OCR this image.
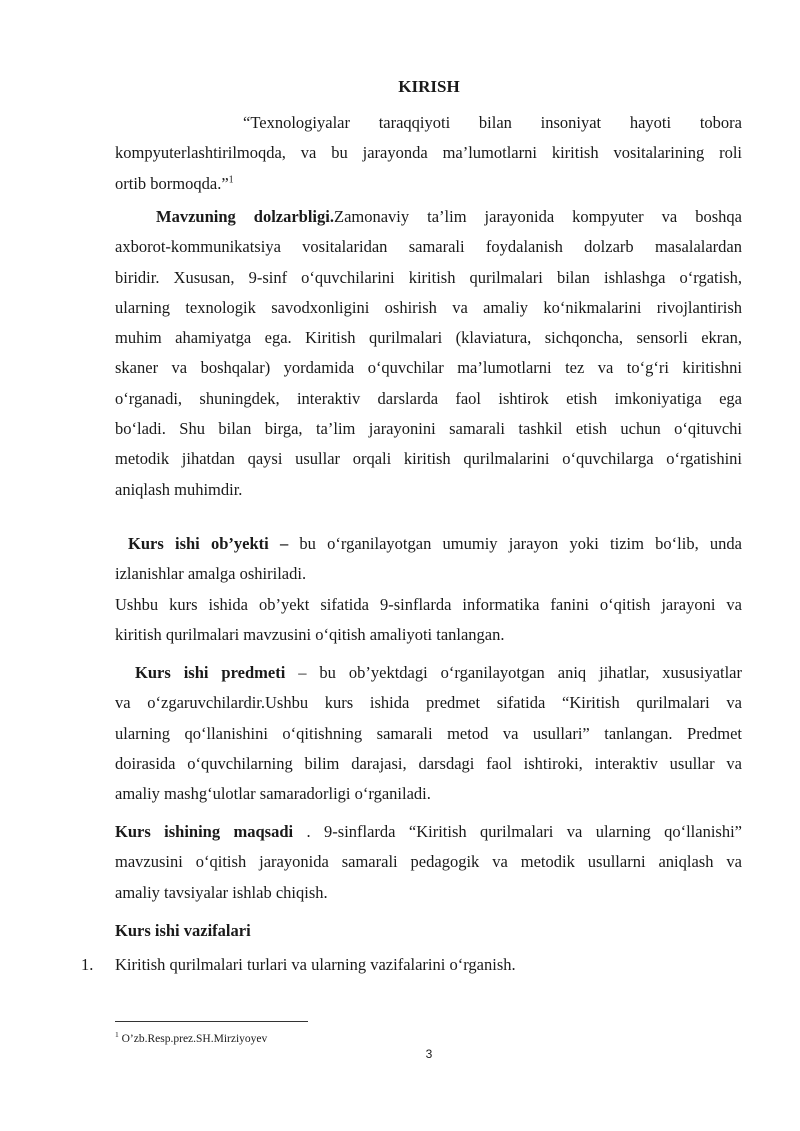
KIRISH
“Texnologiyalar taraqqiyoti bilan insoniyat hayoti tobora
kompyuterlashtirilmoqda, va bu jarayonda ma’lumotlarni kiritish vositalarining roli
ortib bormoqda.”$^1$
Mavzuning dolzarbligi.Zamonaviy ta’lim jarayonida kompyuter va boshqa
axborot-kommunikatsiya vositalaridan samarali foydalanish dolzarb masalalardan
biridir. Xususan, 9-sinf o‘quvchilarini kiritish qurilmalari bilan ishlashga o‘rgatish,
ularning texnologik savodxonligini oshirish va amaliy ko‘nikmalarini rivojlantirish
muhim ahamiyatga ega. Kiritish qurilmalari (klaviatura, sichqoncha, sensorli ekran,
skaner va boshqalar) yordamida o‘quvchilar ma’lumotlarni tez va to‘g‘ri kiritishni
o‘rganadi, shuningdek, interaktiv darslarda faol ishtirok etish imkoniyatiga ega
bo‘ladi. Shu bilan birga, ta’lim jarayonini samarali tashkil etish uchun o‘qituvchi
metodik jihatdan qaysi usullar orqali kiritish qurilmalarini o‘quvchilarga o‘rgatishini
aniqlash muhimdir.
Kurs ishi ob’yekti – bu o‘rganilayotgan umumiy jarayon yoki tizim bo‘lib, unda
izlanishlar amalga oshiriladi.
Ushbu kurs ishida ob’yekt sifatida 9-sinflarda informatika fanini o‘qitish jarayoni va
kiritish qurilmalari mavzusini o‘qitish amaliyoti tanlangan.
Kurs ishi predmeti – bu ob’yektdagi o‘rganilayotgan aniq jihatlar, xususiyatlar
va o‘zgaruvchilardir.Ushbu kurs ishida predmet sifatida “Kiritish qurilmalari va
ularning qo‘llanishini o‘qitishning samarali metod va usullari” tanlangan. Predmet
doirasida o‘quvchilarning bilim darajasi, darsdagi faol ishtiroki, interaktiv usullar va
amaliy mashg‘ulotlar samaradorligi o‘rganiladi.
Kurs ishining maqsadi . 9-sinflarda “Kiritish qurilmalari va ularning qo‘llanishi”
mavzusini o‘qitish jarayonida samarali pedagogik va metodik usullarni aniqlash va
amaliy tavsiyalar ishlab chiqish.
Kurs ishi vazifalari
1. Kiritish qurilmalari turlari va ularning vazifalarini o‘rganish.
$^1$ O’zb.Resp.prez.SH.Mirziyoyev
3
